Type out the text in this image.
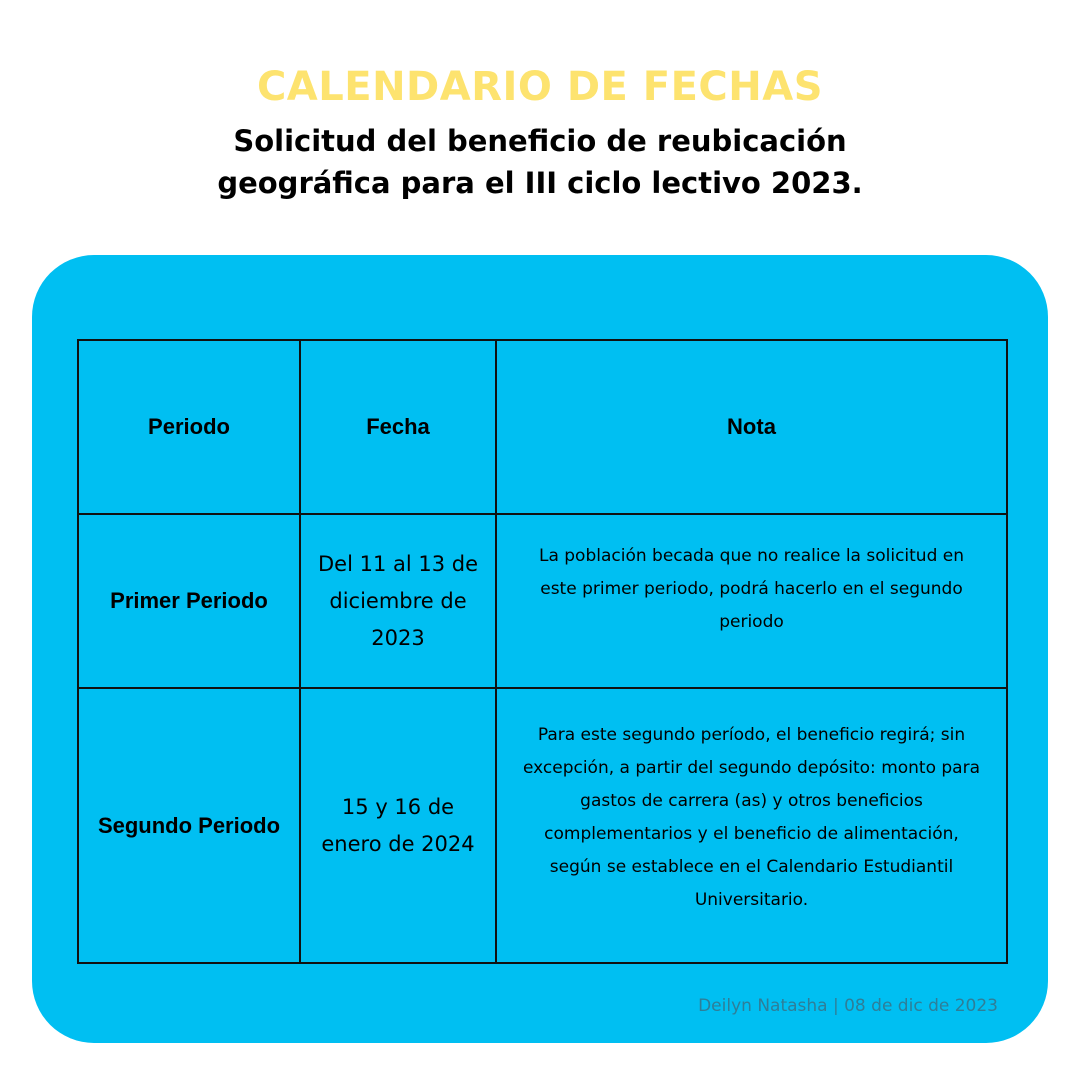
CALENDARIO DE FECHAS
Solicitud del beneficio de reubicación
geográfica para el III ciclo lectivo 2023.
Periodo	Fecha	Nota
Primer Periodo	Del 11 al 13 de diciembre de 2023	La población becada que no realice la solicitud en este primer periodo, podrá hacerlo en el segundo periodo

Segundo Periodo	15 y 16 de enero de 2024	Para este segundo período, el beneficio regirá; sin excepción, a partir del segundo depósito: monto para gastos de carrera (as) y otros beneficios complementarios y el beneficio de alimentación, según se establece en el Calendario Estudiantil Universitario.
Deilyn Natasha | 08 de dic de 2023
